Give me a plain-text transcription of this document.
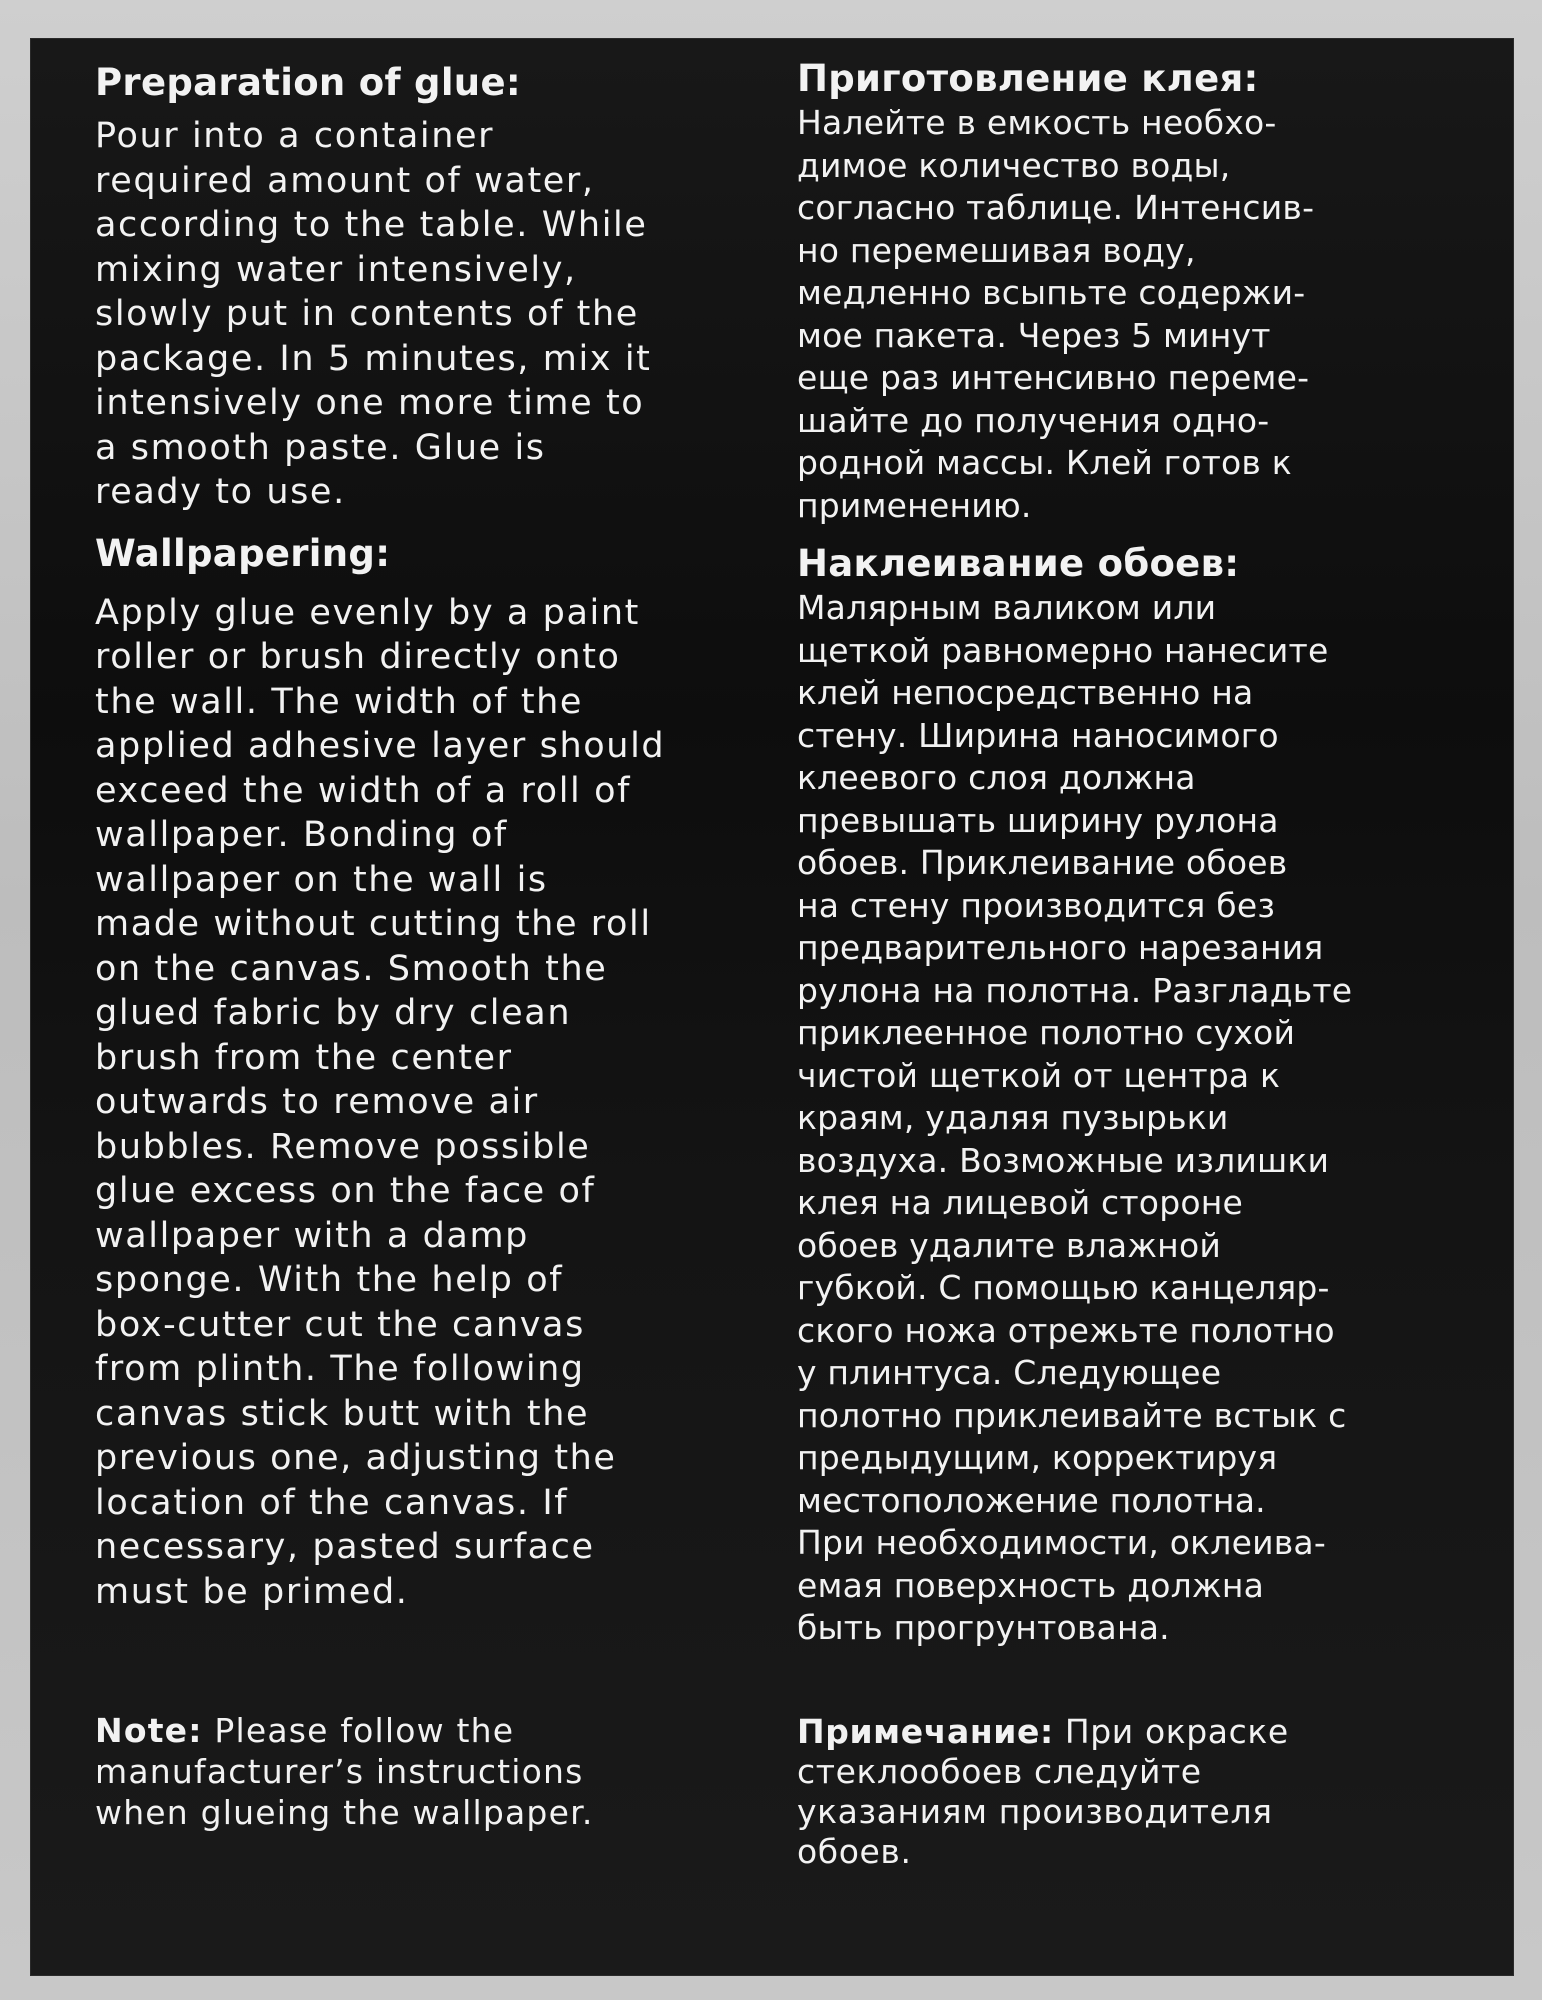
Preparation of glue:

Pour into a container
required amount of water,
according to the table. While
mixing water intensively,
slowly put in contents of the
package. In 5 minutes, mix it
intensively one more time to
a smooth paste. Glue is
ready to use.

Wallpapering:

Apply glue evenly by a paint
roller or brush directly onto
the wall. The width of the
applied adhesive layer should
exceed the width of a roll of
wallpaper. Bonding of
wallpaper on the wall is
made without cutting the roll
on the canvas. Smooth the
glued fabric by dry clean
brush from the center
outwards to remove air
bubbles. Remove possible
glue excess on the face of
wallpaper with a damp
sponge. With the help of
box-cutter cut the canvas
from plinth. The following
canvas stick butt with the
previous one, adjusting the
location of the canvas. If
necessary, pasted surface
must be primed.

Приготовление клея:

Налейте в емкость необхо-
димое количество воды,
согласно таблице. Интенсив-
но перемешивая воду,
медленно всыпьте содержи-
мое пакета. Через 5 минут
еще раз интенсивно переме-
шайте до получения одно-
родной массы. Клей готов к
применению.

Наклеивание обоев:

Малярным валиком или
щеткой равномерно нанесите
клей непосредственно на
стену. Ширина наносимого
клеевого слоя должна
превышать ширину рулона
обоев. Приклеивание обоев
на стену производится без
предварительного нарезания
рулона на полотна. Разгладьте
приклеенное полотно сухой
чистой щеткой от центра к
краям, удаляя пузырьки
воздуха. Возможные излишки
клея на лицевой стороне
обоев удалите влажной
губкой. С помощью канцеляр-
ского ножа отрежьте полотно
у плинтуса. Следующее
полотно приклеивайте встык с
предыдущим, корректируя
местоположение полотна.
При необходимости, оклеива-
емая поверхность должна
быть прогрунтована.

Note: Please follow the
manufacturer’s instructions
when glueing the wallpaper.
Примечание: При окраске
стеклообоев следуйте
указаниям производителя
обоев.
